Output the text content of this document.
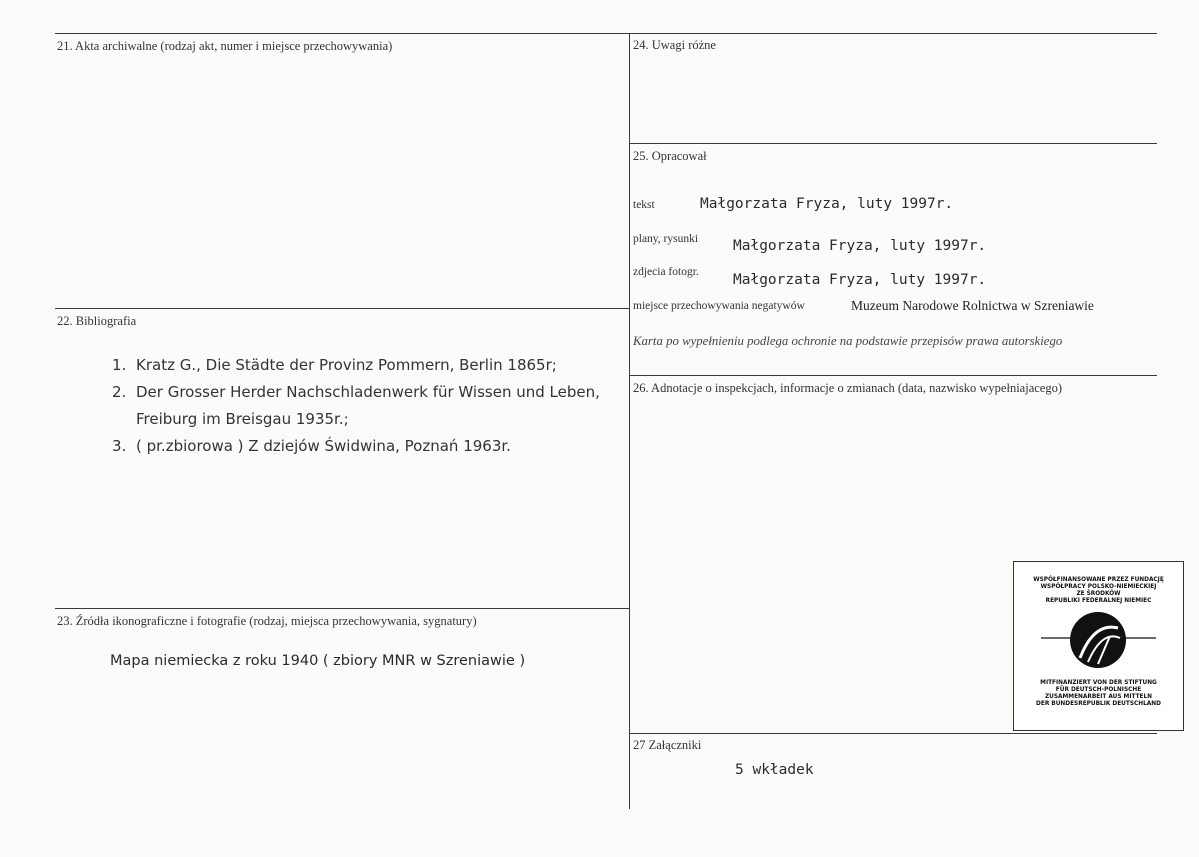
21. Akta archiwalne (rodzaj akt, numer i miejsce przechowywania)
22. Bibliografia
1. Kratz G., Die Städte der Provinz Pommern, Berlin 1865r;
2. Der Grosser Herder Nachschladenwerk für Wissen und Leben,
Freiburg im Breisgau 1935r.;
3. ( pr.zbiorowa ) Z dziejów Świdwina, Poznań 1963r.
23. Źródła ikonograficzne i fotografie (rodzaj, miejsca przechowywania, sygnatury)
Mapa niemiecka z roku 1940 ( zbiory MNR w Szreniawie )
24. Uwagi różne
25. Opracował
tekst	Małgorzata Fryza, luty 1997r.
plany, rysunki Małgorzata Fryza, luty 1997r.
zdjecia fotogr. Małgorzata Fryza, luty 1997r.
miejsce przechowywania negatywów	Muzeum Narodowe Rolnictwa w Szreniawie
Karta po wypełnieniu podlega ochronie na podstawie przepisów prawa autorskiego
26. Adnotacje o inspekcjach, informacje o zmianach (data, nazwisko wypełniajacego)
27 Załączniki
5 wkładek
WSPÓŁFINANSOWANE PRZEZ FUNDACJĘ
WSPÓŁPRACY POLSKO-NIEMIECKIEJ
ZE ŚRODKÓW
REPUBLIKI FEDERALNEJ NIEMIEC
MITFINANZIERT VON DER STIFTUNG
FÜR DEUTSCH-POLNISCHE
ZUSAMMENARBEIT AUS MITTELN
DER BUNDESREPUBLIK DEUTSCHLAND
